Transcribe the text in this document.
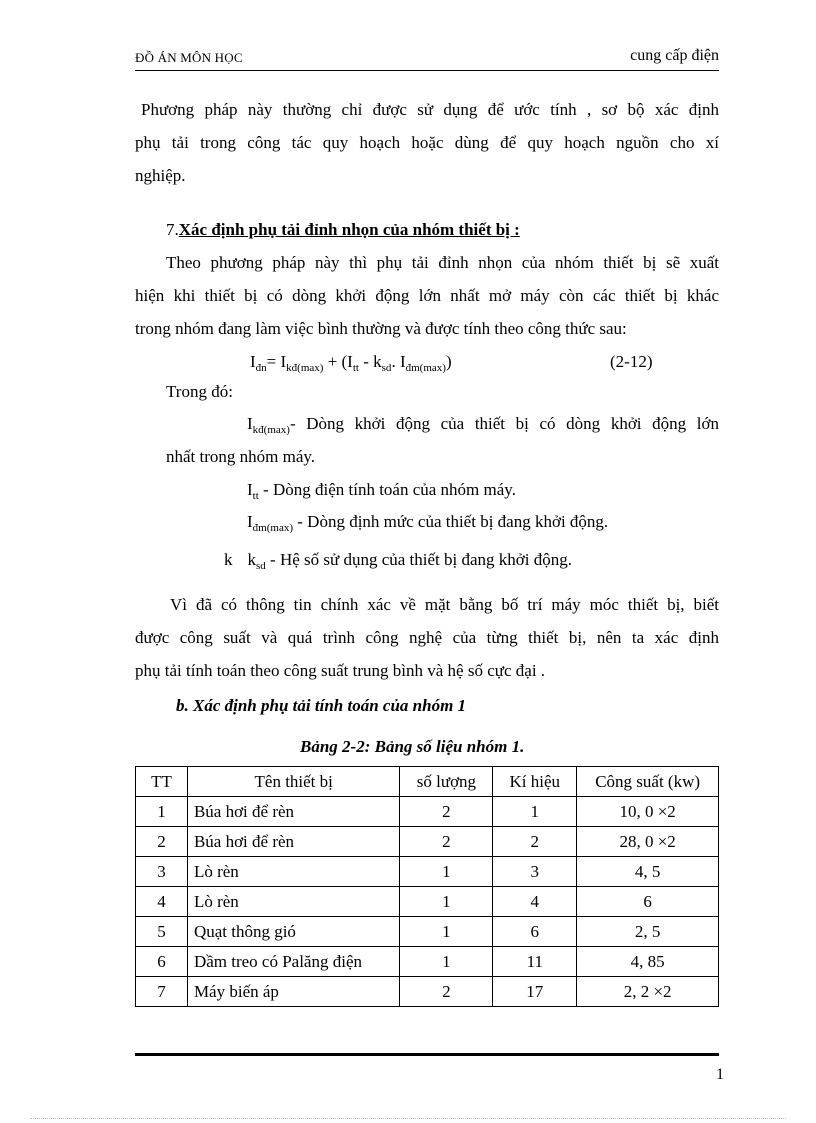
ĐỒ ÁN MÔN HỌC	cung cấp điện
Phương pháp này thường chỉ được sử dụng để ước tính , sơ bộ xác định
phụ tải trong công tác quy hoạch hoặc dùng để quy hoạch nguồn cho xí
nghiệp.
7.Xác định phụ tải đỉnh nhọn của nhóm thiết bị :
Theo phương pháp này thì phụ tải đỉnh nhọn của nhóm thiết bị sẽ xuất
hiện khi thiết bị có dòng khởi động lớn nhất mở máy còn các thiết bị khác
trong nhóm đang làm việc bình thường và được tính theo công thức sau:
$I_{đn}= I_{kđ(max)} + (I_{tt} - k_{sd}$. $I_{đm(max)}$)	(2-12)
Trong đó:
$I_{kđ(max)}-$ Dòng khởi động của thiết bị có dòng khởi động lớn
nhất trong nhóm máy.
$I_{tt}$ - Dòng điện tính toán của nhóm máy.
$I_{đm(max)}$ - Dòng định mức của thiết bị đang khởi động.
k $k_{sd}$ - Hệ số sử dụng của thiết bị đang khởi động.
Vì đã có thông tin chính xác về mặt bằng bố trí máy móc thiết bị, biết
được công suất và quá trình công nghệ của từng thiết bị, nên ta xác định
phụ tải tính toán theo công suất trung bình và hệ số cực đại .
b. Xác định phụ tải tính toán của nhóm 1
Bảng 2-2: Bảng số liệu nhóm 1.
TT	Tên thiết bị	số lượng	Kí hiệu	Công suất (kw)
1	Búa hơi để rèn	2	1	10, 0 ×2
2	Búa hơi để rèn	2	2	28, 0 ×2
3	Lò rèn	1	3	4, 5
4	Lò rèn	1	4	6
5	Quạt thông gió	1	6	2, 5
6	Dầm treo có Palăng điện	1	11	4, 85
7	Máy biến áp	2	17	2, 2 ×2
1
